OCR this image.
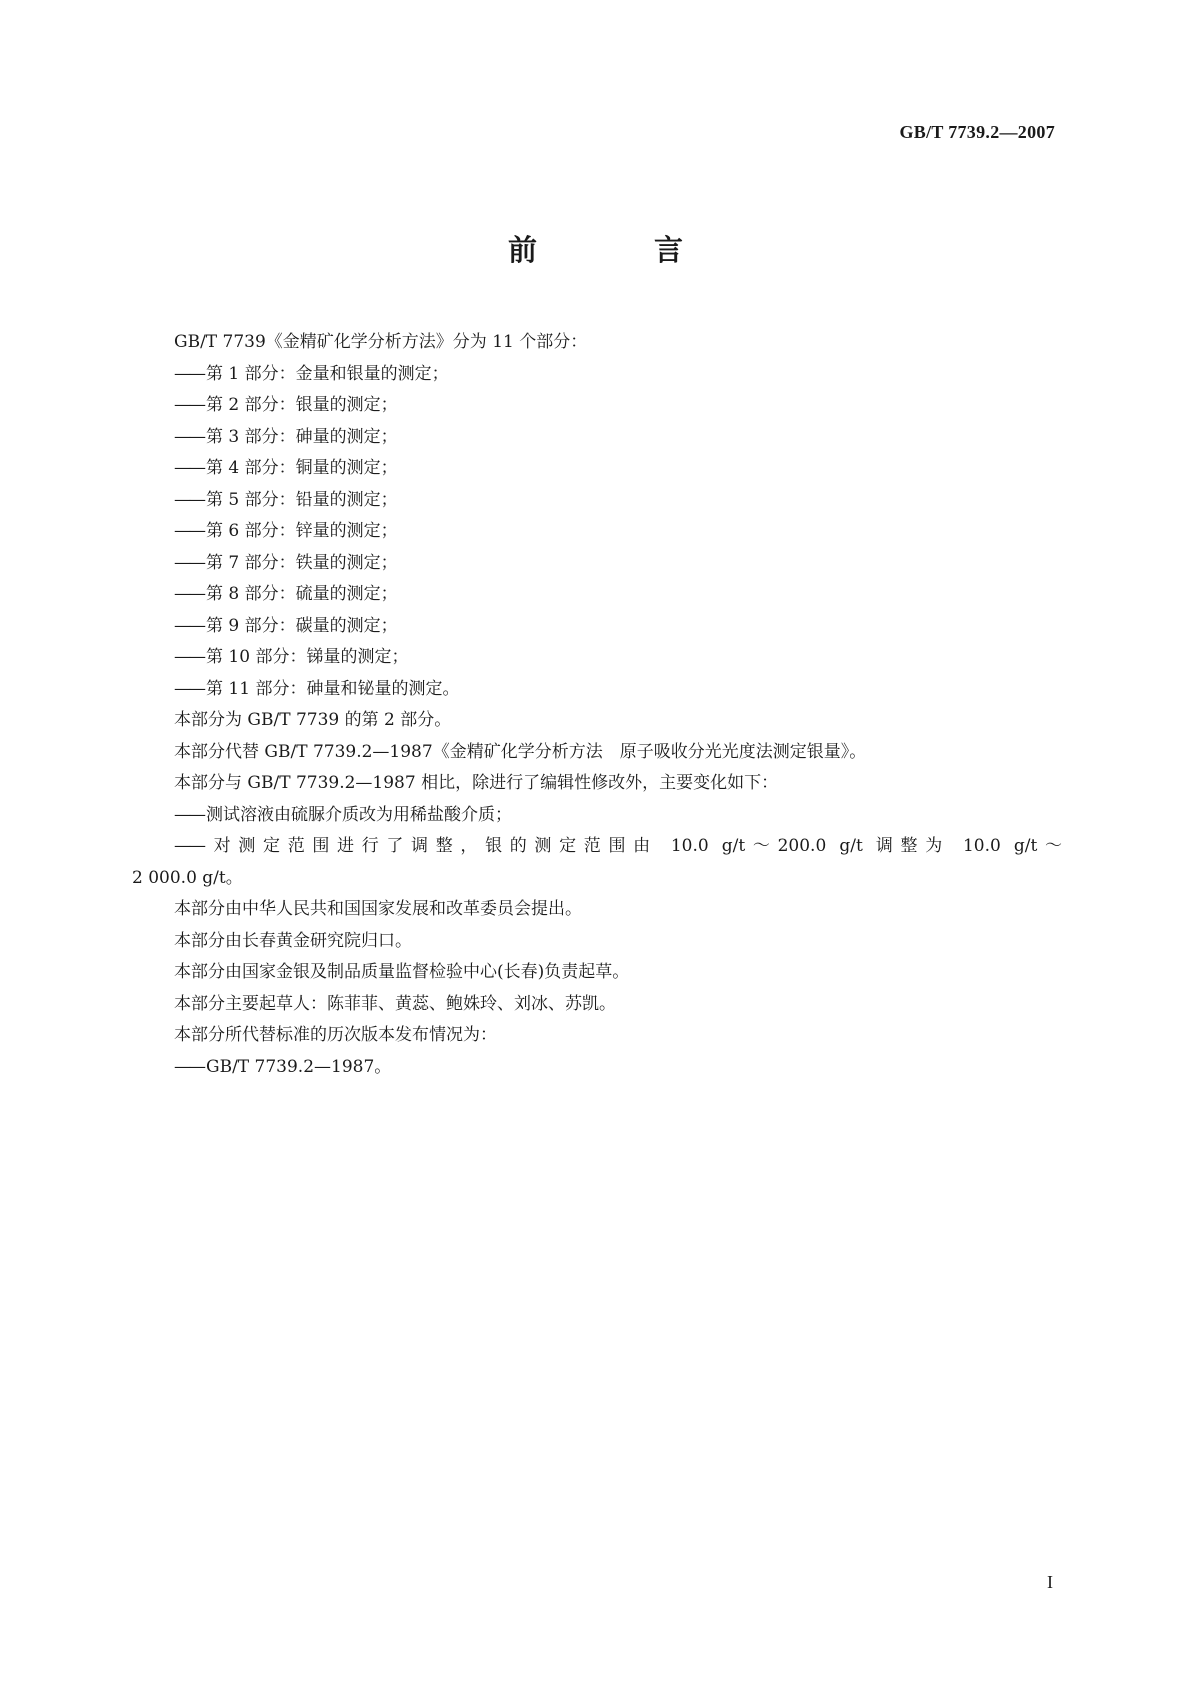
GB/T 7739.2—2007
前　言

GB/T 7739《金精矿化学分析方法》分为 11 个部分：

—— 第 1 部分：金量和银量的测定；

—— 第 2 部分：银量的测定；

—— 第 3 部分：砷量的测定；

—— 第 4 部分：铜量的测定；

—— 第 5 部分：铅量的测定；

—— 第 6 部分：锌量的测定；

—— 第 7 部分：铁量的测定；

—— 第 8 部分：硫量的测定；

—— 第 9 部分：碳量的测定；

—— 第 10 部分：锑量的测定；

—— 第 11 部分：砷量和铋量的测定。

本部分为 GB/T 7739 的第 2 部分。

本部分代替 GB/T 7739.2—1987《金精矿化学分析方法　原子吸收分光光度法测定银量》。

本部分与 GB/T 7739.2—1987 相比，除进行了编辑性修改外，主要变化如下：

—— 测试溶液由硫脲介质改为用稀盐酸介质；

—— 对测定范围进行了调整，银的测定范围由 10.0 g/t～200.0 g/t 调整为 10.0 g/t～

2 000.0 g/t。

本部分由中华人民共和国国家发展和改革委员会提出。

本部分由长春黄金研究院归口。

本部分由国家金银及制品质量监督检验中心(长春)负责起草。

本部分主要起草人：陈菲菲、黄蕊、鲍姝玲、刘冰、苏凯。

本部分所代替标准的历次版本发布情况为：

—— GB/T 7739.2—1987。

I
